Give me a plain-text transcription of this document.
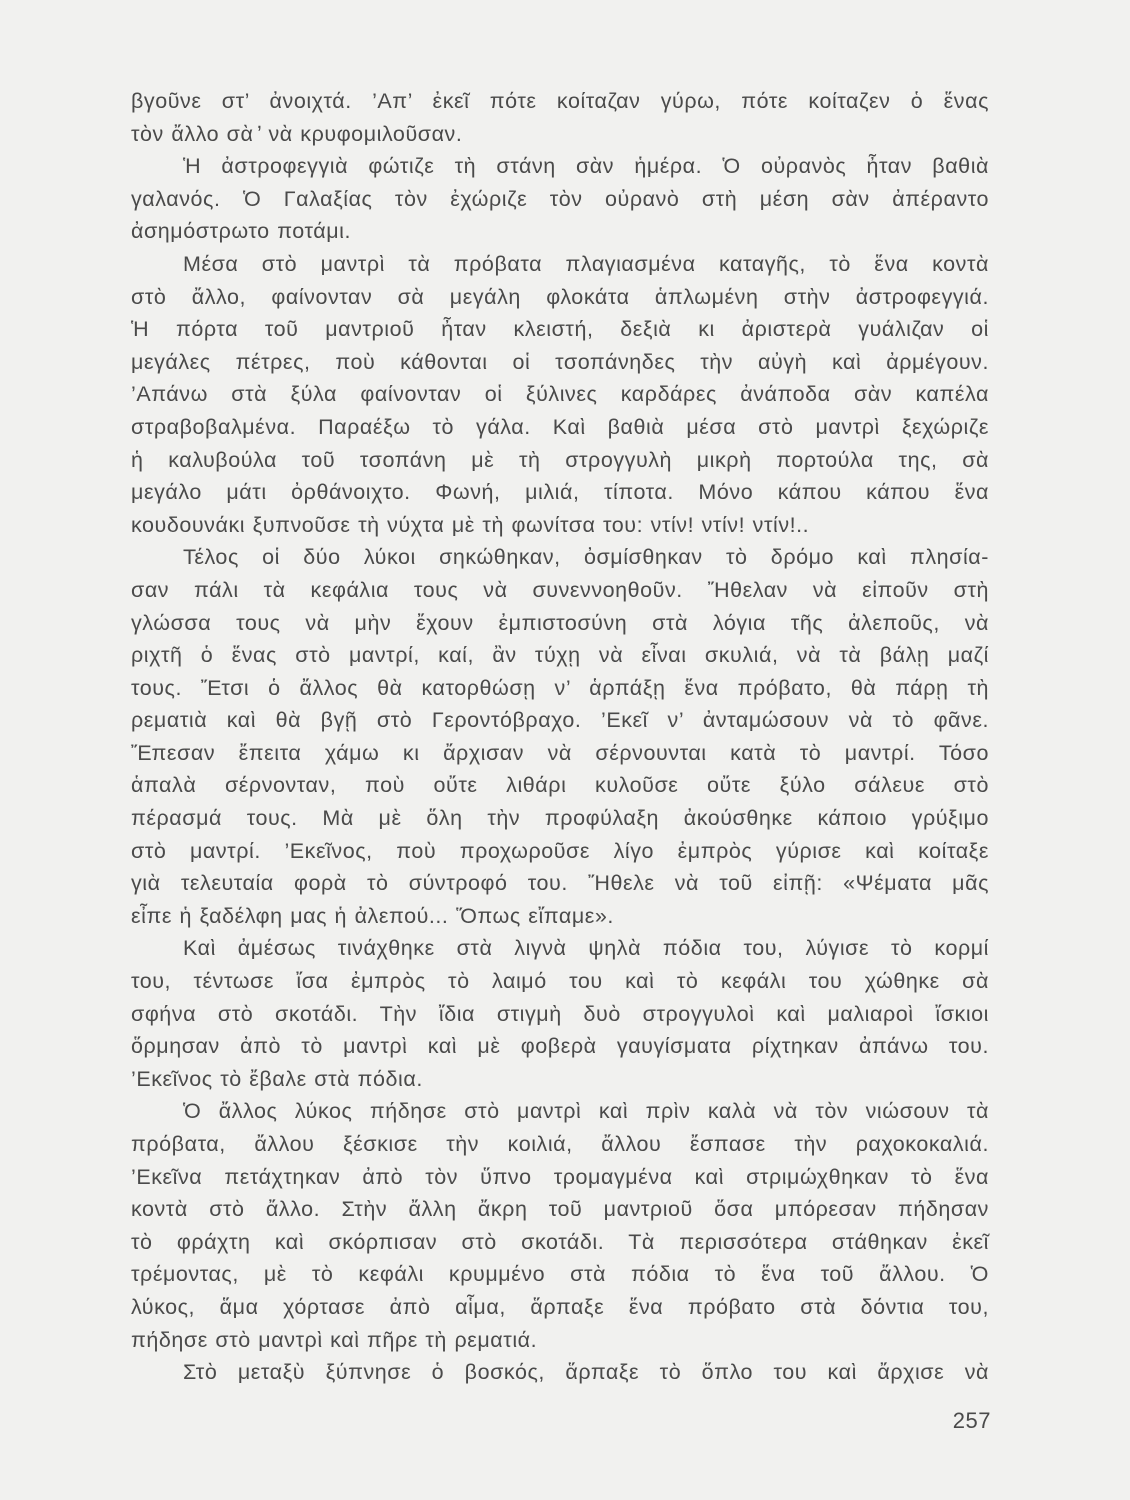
βγοῦνε στ’ ἀνοιχτά. ’Απ’ ἐκεῖ πότε κοίταζαν γύρω, πότε κοίταζεν ὁ ἕνας

τὸν ἄλλο σὰ ̓ νὰ κρυφομιλοῦσαν.

Ἡ ἀστροφεγγιὰ φώτιζε τὴ στάνη σὰν ἡμέρα. Ὁ οὐρανὸς ἦταν βαθιὰ

γαλανός. Ὁ Γαλαξίας τὸν ἐχώριζε τὸν οὐρανὸ στὴ μέση σὰν ἀπέραντο

ἀσημόστρωτο ποτάμι.

Μέσα στὸ μαντρὶ τὰ πρόβατα πλαγιασμένα καταγῆς, τὸ ἕνα κοντὰ

στὸ ἄλλο, φαίνονταν σὰ μεγάλη φλοκάτα ἁπλωμένη στὴν ἀστροφεγγιά.

Ἡ πόρτα τοῦ μαντριοῦ ἦταν κλειστή, δεξιὰ κι ἀριστερὰ γυάλιζαν οἱ

μεγάλες πέτρες, ποὺ κάθονται οἱ τσοπάνηδες τὴν αὐγὴ καὶ ἀρμέγουν.

’Απάνω στὰ ξύλα φαίνονταν οἱ ξύλινες καρδάρες ἀνάποδα σὰν καπέλα

στραβοβαλμένα. Παραέξω τὸ γάλα. Καὶ βαθιὰ μέσα στὸ μαντρὶ ξεχώριζε

ἡ καλυβούλα τοῦ τσοπάνη μὲ τὴ στρογγυλὴ μικρὴ πορτούλα της, σὰ

μεγάλο μάτι ὀρθάνοιχτο. Φωνή, μιλιά, τίποτα. Μόνο κάπου κάπου ἕνα

κουδουνάκι ξυπνοῦσε τὴ νύχτα μὲ τὴ φωνίτσα του: ντίν! ντίν! ντίν!..

Τέλος οἱ δύο λύκοι σηκώθηκαν, ὀσμίσθηκαν τὸ δρόμο καὶ πλησία-

σαν πάλι τὰ κεφάλια τους νὰ συνεννοηθοῦν. Ἤθελαν νὰ εἰποῦν στὴ

γλώσσα τους νὰ μὴν ἔχουν ἐμπιστοσύνη στὰ λόγια τῆς ἀλεποῦς, νὰ

ριχτῆ ὁ ἕνας στὸ μαντρί, καί, ἂν τύχῃ νὰ εἶναι σκυλιά, νὰ τὰ βάλῃ μαζί

τους. Ἔτσι ὁ ἄλλος θὰ κατορθώσῃ ν’ ἁρπάξῃ ἕνα πρόβατο, θὰ πάρῃ τὴ

ρεματιὰ καὶ θὰ βγῇ στὸ Γεροντόβραχο. ’Εκεῖ ν’ ἀνταμώσουν νὰ τὸ φᾶνε.

Ἔπεσαν ἔπειτα χάμω κι ἄρχισαν νὰ σέρνουνται κατὰ τὸ μαντρί. Τόσο

ἁπαλὰ σέρνονταν, ποὺ οὔτε λιθάρι κυλοῦσε οὔτε ξύλο σάλευε στὸ

πέρασμά τους. Μὰ μὲ ὅλη τὴν προφύλαξη ἀκούσθηκε κάποιο γρύξιμο

στὸ μαντρί. ’Εκεῖνος, ποὺ προχωροῦσε λίγο ἐμπρὸς γύρισε καὶ κοίταξε

γιὰ τελευταία φορὰ τὸ σύντροφό του. Ἤθελε νὰ τοῦ εἰπῇ: «Ψέματα μᾶς

εἶπε ἡ ξαδέλφη μας ἡ ἀλεπού... Ὅπως εἴπαμε».

Καὶ ἀμέσως τινάχθηκε στὰ λιγνὰ ψηλὰ πόδια του, λύγισε τὸ κορμί

του, τέντωσε ἴσα ἐμπρὸς τὸ λαιμό του καὶ τὸ κεφάλι του χώθηκε σὰ

σφήνα στὸ σκοτάδι. Τὴν ἴδια στιγμὴ δυὸ στρογγυλοὶ καὶ μαλιαροὶ ἴσκιοι

ὅρμησαν ἀπὸ τὸ μαντρὶ καὶ μὲ φοβερὰ γαυγίσματα ρίχτηκαν ἀπάνω του.

’Εκεῖνος τὸ ἔβαλε στὰ πόδια.

Ὁ ἄλλος λύκος πήδησε στὸ μαντρὶ καὶ πρὶν καλὰ νὰ τὸν νιώσουν τὰ

πρόβατα, ἄλλου ξέσκισε τὴν κοιλιά, ἄλλου ἔσπασε τὴν ραχοκοκαλιά.

’Εκεῖνα πετάχτηκαν ἀπὸ τὸν ὕπνο τρομαγμένα καὶ στριμώχθηκαν τὸ ἕνα

κοντὰ στὸ ἄλλο. Στὴν ἄλλη ἄκρη τοῦ μαντριοῦ ὅσα μπόρεσαν πήδησαν

τὸ φράχτη καὶ σκόρπισαν στὸ σκοτάδι. Τὰ περισσότερα στάθηκαν ἐκεῖ

τρέμοντας, μὲ τὸ κεφάλι κρυμμένο στὰ πόδια τὸ ἕνα τοῦ ἄλλου. Ὁ

λύκος, ἅμα χόρτασε ἀπὸ αἷμα, ἅρπαξε ἕνα πρόβατο στὰ δόντια του,

πήδησε στὸ μαντρὶ καὶ πῆρε τὴ ρεματιά.

Στὸ μεταξὺ ξύπνησε ὁ βοσκός, ἅρπαξε τὸ ὅπλο του καὶ ἄρχισε νὰ

257
